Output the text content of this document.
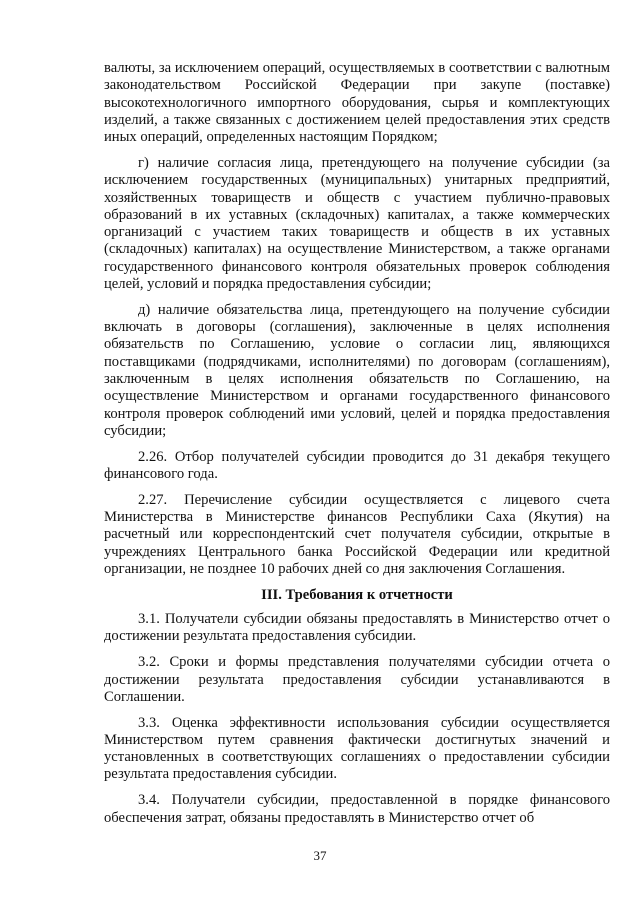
валюты, за исключением операций, осуществляемых в соответствии с валютным законодательством Российской Федерации при закупе (поставке) высокотехнологичного импортного оборудования, сырья и комплектующих изделий, а также связанных с достижением целей предоставления этих средств иных операций, определенных настоящим Порядком;

г) наличие согласия лица, претендующего на получение субсидии (за исключением государственных (муниципальных) унитарных предприятий, хозяйственных товариществ и обществ с участием публично-правовых образований в их уставных (складочных) капиталах, а также коммерческих организаций с участием таких товариществ и обществ в их уставных (складочных) капиталах) на осуществление Министерством, а также органами государственного финансового контроля обязательных проверок соблюдения целей, условий и порядка предоставления субсидии;

д) наличие обязательства лица, претендующего на получение субсидии включать в договоры (соглашения), заключенные в целях исполнения обязательств по Соглашению, условие о согласии лиц, являющихся поставщиками (подрядчиками, исполнителями) по договорам (соглашениям), заключенным в целях исполнения обязательств по Соглашению, на осуществление Министерством и органами государственного финансового контроля проверок соблюдений ими условий, целей и порядка предоставления субсидии;

2.26. Отбор получателей субсидии проводится до 31 декабря текущего финансового года.

2.27. Перечисление субсидии осуществляется с лицевого счета Министерства в Министерстве финансов Республики Саха (Якутия) на расчетный или корреспондентский счет получателя субсидии, открытые в учреждениях Центрального банка Российской Федерации или кредитной организации, не позднее 10 рабочих дней со дня заключения Соглашения.

III. Требования к отчетности

3.1. Получатели субсидии обязаны предоставлять в Министерство отчет о достижении результата предоставления субсидии.

3.2. Сроки и формы представления получателями субсидии отчета о достижении результата предоставления субсидии устанавливаются в Соглашении.

3.3. Оценка эффективности использования субсидии осуществляется Министерством путем сравнения фактически достигнутых значений и установленных в соответствующих соглашениях о предоставлении субсидии результата предоставления субсидии.

3.4. Получатели субсидии, предоставленной в порядке финансового обеспечения затрат, обязаны предоставлять в Министерство отчет об

37
